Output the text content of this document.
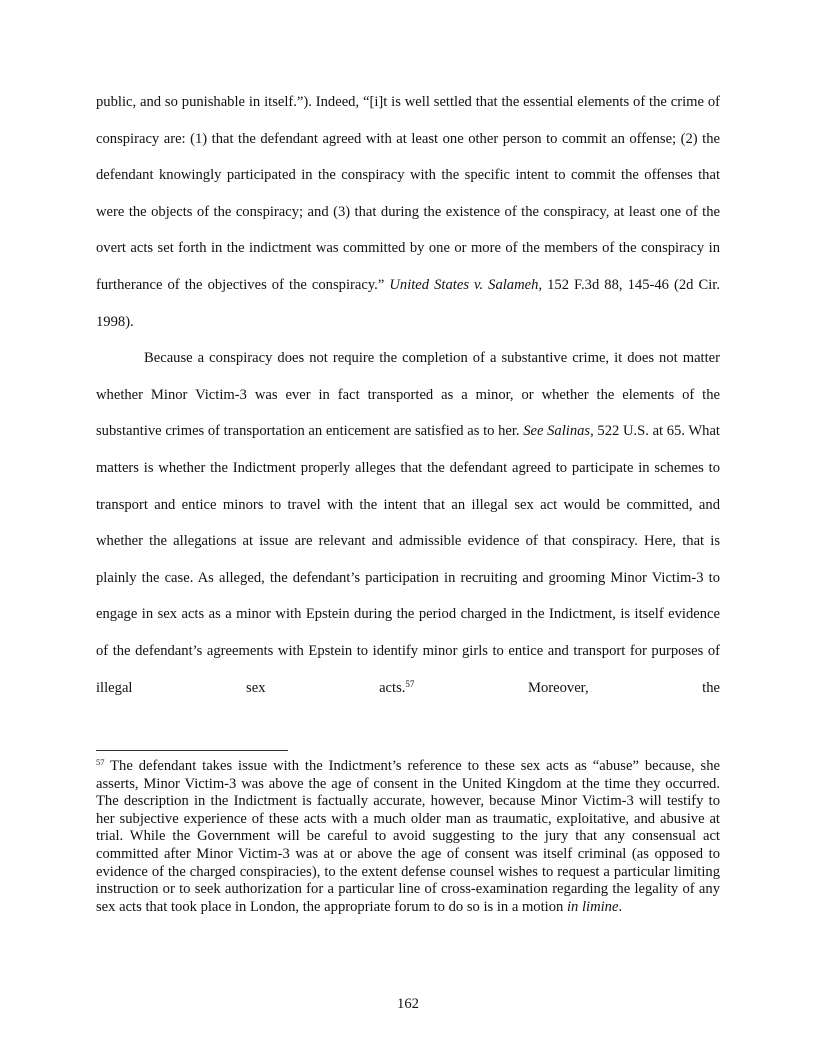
public, and so punishable in itself.”). Indeed, “[i]t is well settled that the essential elements of the crime of conspiracy are: (1) that the defendant agreed with at least one other person to commit an offense; (2) the defendant knowingly participated in the conspiracy with the specific intent to commit the offenses that were the objects of the conspiracy; and (3) that during the existence of the conspiracy, at least one of the overt acts set forth in the indictment was committed by one or more of the members of the conspiracy in furtherance of the objectives of the conspiracy.” United States v. Salameh, 152 F.3d 88, 145-46 (2d Cir. 1998).

Because a conspiracy does not require the completion of a substantive crime, it does not matter whether Minor Victim-3 was ever in fact transported as a minor, or whether the elements of the substantive crimes of transportation an enticement are satisfied as to her. See Salinas, 522 U.S. at 65. What matters is whether the Indictment properly alleges that the defendant agreed to participate in schemes to transport and entice minors to travel with the intent that an illegal sex act would be committed, and whether the allegations at issue are relevant and admissible evidence of that conspiracy. Here, that is plainly the case. As alleged, the defendant’s participation in recruiting and grooming Minor Victim-3 to engage in sex acts as a minor with Epstein during the period charged in the Indictment, is itself evidence of the defendant’s agreements with Epstein to identify minor girls to entice and transport for purposes of illegal sex acts.$^{57}$ Moreover, the

$^{57}$ The defendant takes issue with the Indictment’s reference to these sex acts as “abuse” because, she asserts, Minor Victim-3 was above the age of consent in the United Kingdom at the time they occurred. The description in the Indictment is factually accurate, however, because Minor Victim-3 will testify to her subjective experience of these acts with a much older man as traumatic, exploitative, and abusive at trial. While the Government will be careful to avoid suggesting to the jury that any consensual act committed after Minor Victim-3 was at or above the age of consent was itself criminal (as opposed to evidence of the charged conspiracies), to the extent defense counsel wishes to request a particular limiting instruction or to seek authorization for a particular line of cross-examination regarding the legality of any sex acts that took place in London, the appropriate forum to do so is in a motion in limine.

162
